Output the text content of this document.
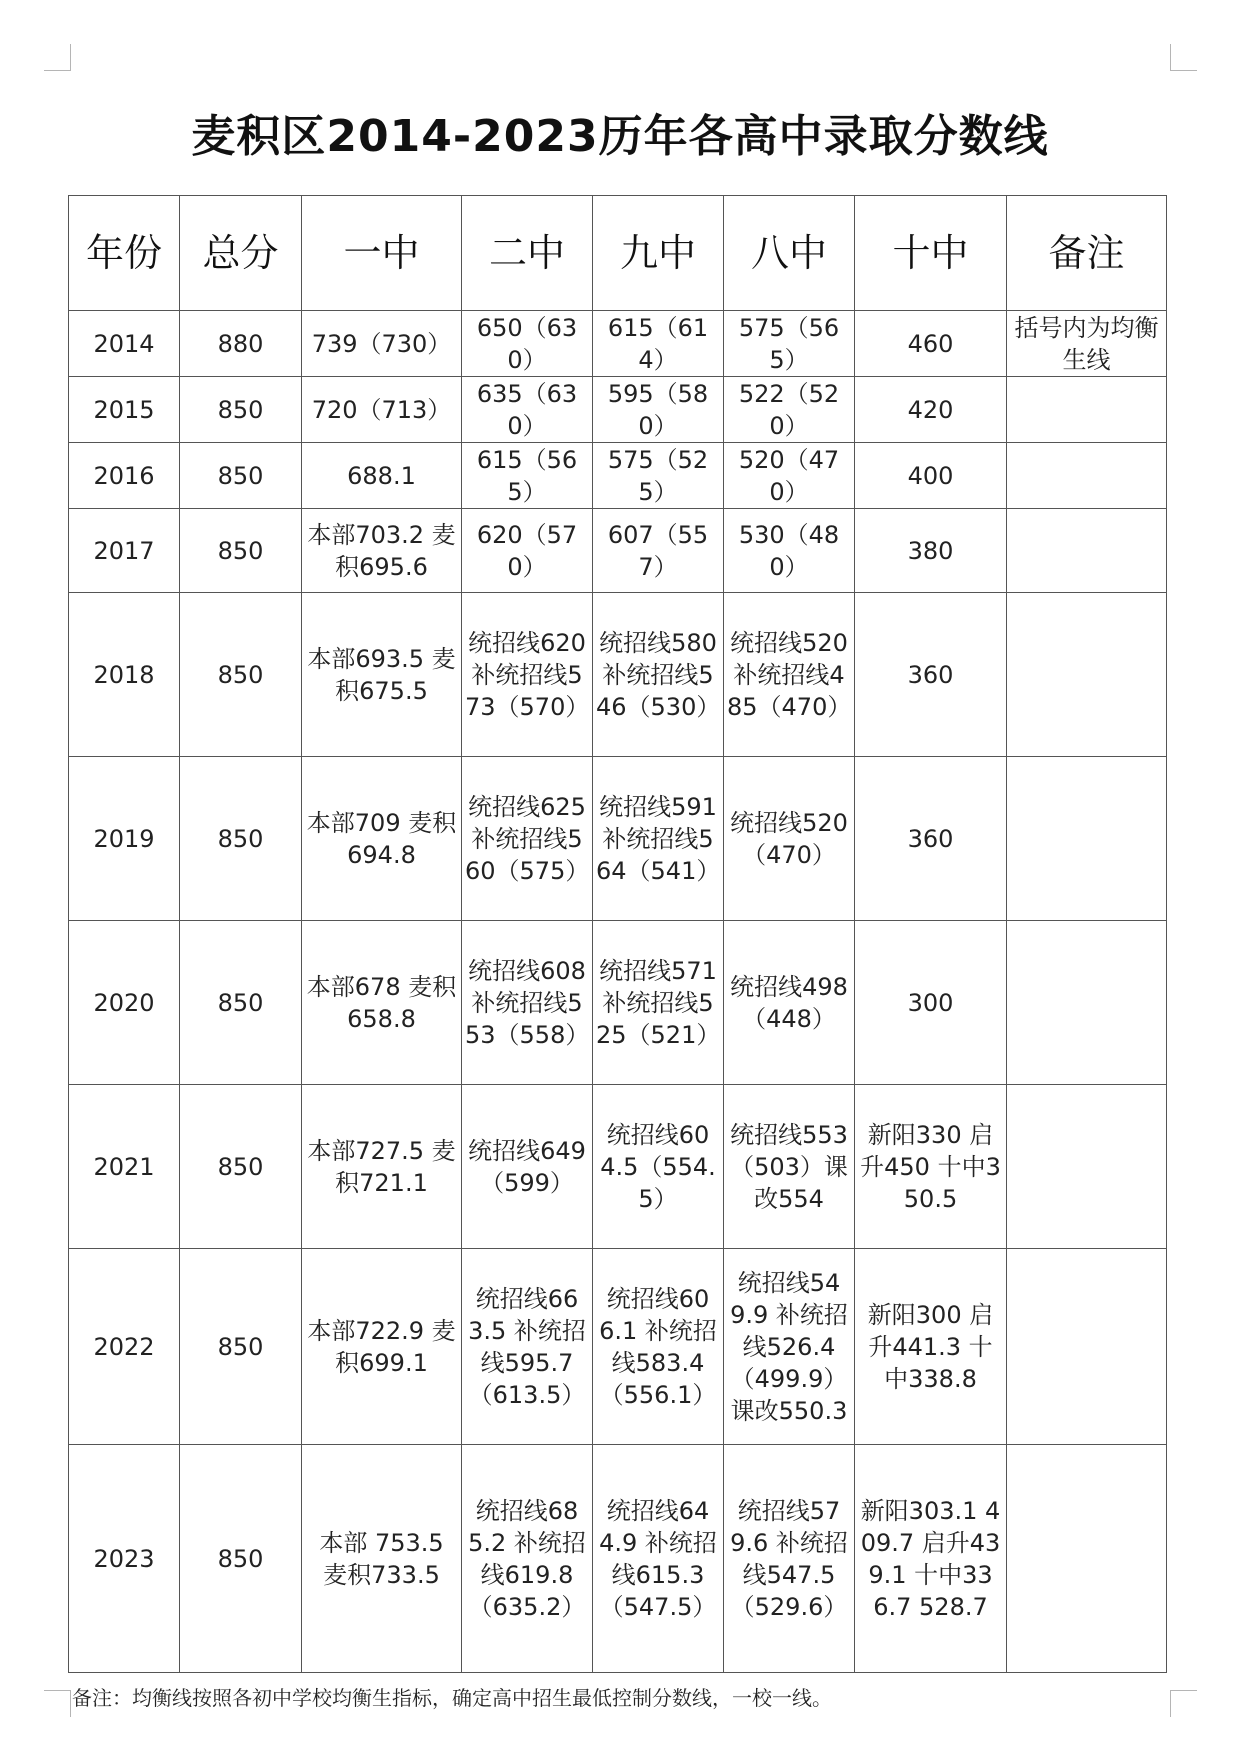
麦积区2014-2023历年各高中录取分数线
年份	总分	一中	二中	九中	八中	十中	备注
2014	880	739（730）	650（630）	615（614）	575（565）	460	括号内为均衡生线
2015	850	720（713）	635（630）	595（580）	522（520）	420	
2016	850	688.1	615（565）	575（525）	520（470）	400	
2017	850	本部703.2 麦积695.6	620（570）	607（557）	530（480）	380	
2018	850	本部693.5 麦积675.5	统招线620 补统招线573（570）	统招线580 补统招线546（530）	统招线520 补统招线485（470）	360	
2019	850	本部709 麦积694.8	统招线625 补统招线560（575）	统招线591 补统招线564（541）	统招线520（470）	360	
2020	850	本部678 麦积658.8	统招线608 补统招线553（558）	统招线571 补统招线525（521）	统招线498（448）	300	
2021	850	本部727.5 麦积721.1	统招线649（599）	统招线604.5（554.5）	统招线553（503）课改554	新阳330 启升450 十中350.5	
2022	850	本部722.9 麦积699.1	统招线663.5 补统招线595.7（613.5）	统招线606.1 补统招线583.4（556.1）	统招线549.9 补统招线526.4（499.9）课改550.3	新阳300 启升441.3 十中338.8	
2023	850	本部 753.5 麦积733.5	统招线685.2 补统招线619.8（635.2）	统招线644.9 补统招线615.3（547.5）	统招线579.6 补统招线547.5（529.6）	新阳303.1 409.7 启升439.1 十中336.7 528.7	
备注：均衡线按照各初中学校均衡生指标，确定高中招生最低控制分数线，一校一线。
